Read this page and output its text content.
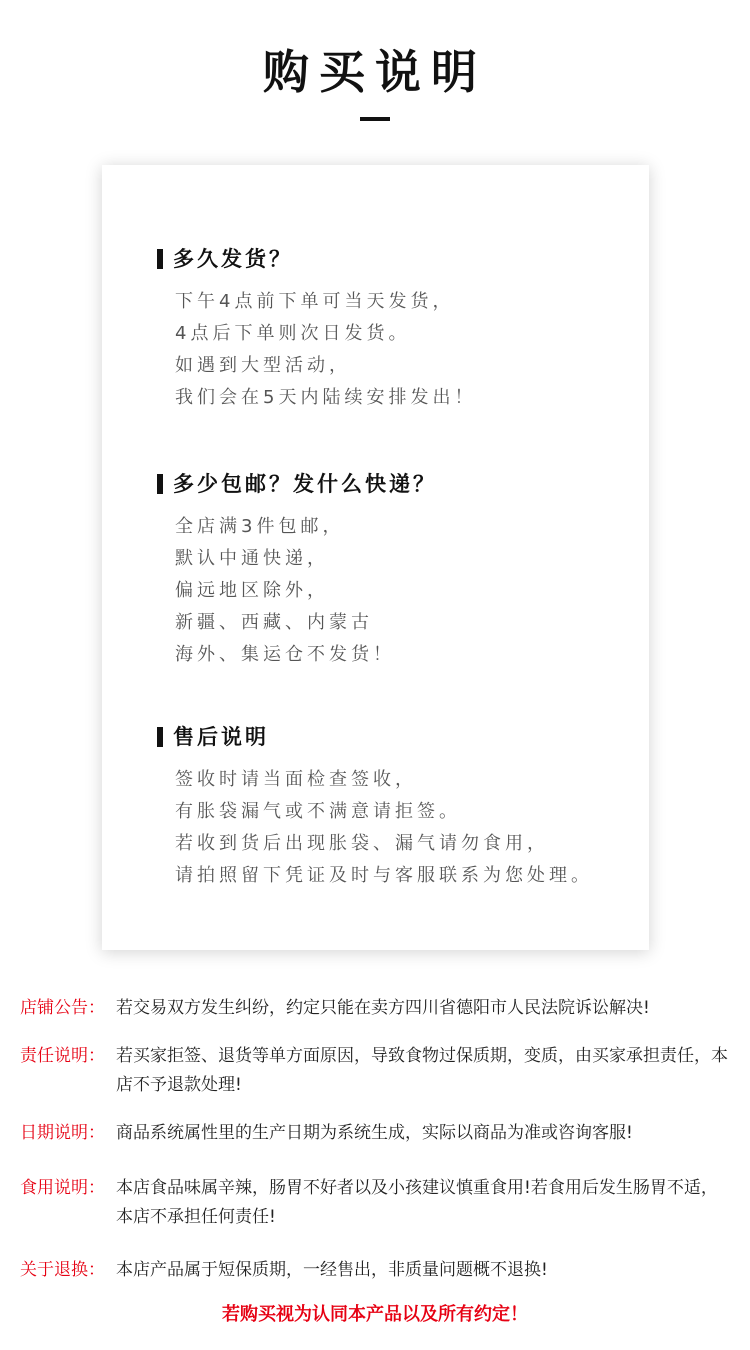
购买说明
多久发货？
下午4点前下单可当天发货，
4点后下单则次日发货。
如遇到大型活动，
我们会在5天内陆续安排发出！
多少包邮？发什么快递？
全店满3件包邮，
默认中通快递，
偏远地区除外，
新疆、西藏、内蒙古
海外、集运仓不发货！
售后说明
签收时请当面检查签收，
有胀袋漏气或不满意请拒签。
若收到货后出现胀袋、漏气请勿食用，
请拍照留下凭证及时与客服联系为您处理。
店铺公告： 若交易双方发生纠纷，约定只能在卖方四川省德阳市人民法院诉讼解决!
责任说明： 若买家拒签、退货等单方面原因，导致食物过保质期，变质，由买家承担责任，本店不予退款处理!
日期说明： 商品系统属性里的生产日期为系统生成，实际以商品为准或咨询客服!
食用说明： 本店食品味属辛辣，肠胃不好者以及小孩建议慎重食用!若食用后发生肠胃不适，本店不承担任何责任!
关于退换： 本店产品属于短保质期，一经售出，非质量问题概不退换!
若购买视为认同本产品以及所有约定！
